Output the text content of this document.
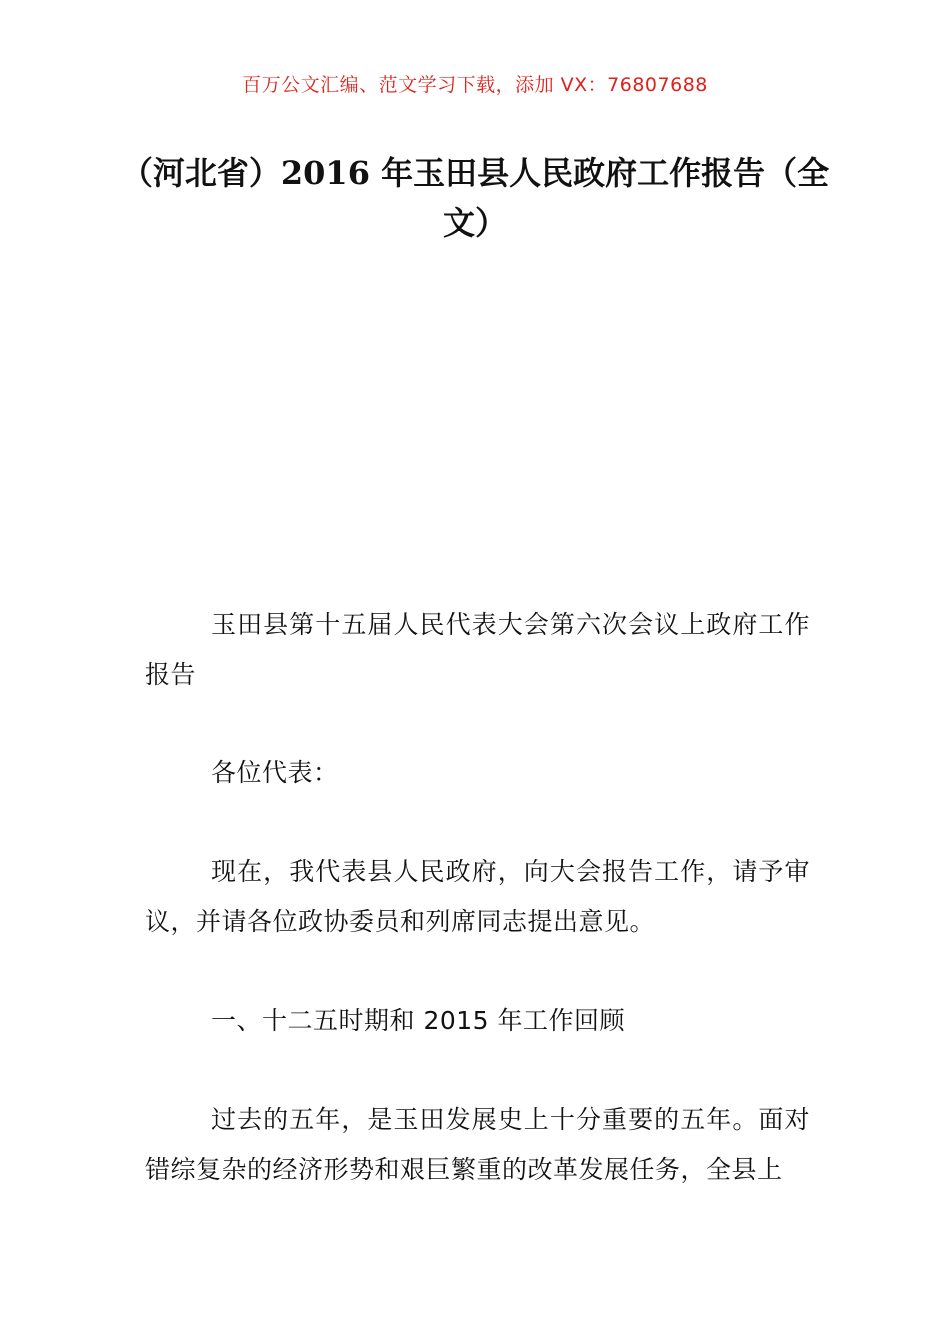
百万公文汇编、范文学习下载，添加 VX：76807688
（河北省）2016 年玉田县人民政府工作报告（全文）

玉田县第十五届人民代表大会第六次会议上政府工作报告

各位代表：

现在，我代表县人民政府，向大会报告工作，请予审议，并请各位政协委员和列席同志提出意见。

一、十二五时期和 2015 年工作回顾

过去的五年，是玉田发展史上十分重要的五年。面对错综复杂的经济形势和艰巨繁重的改革发展任务，全县上
